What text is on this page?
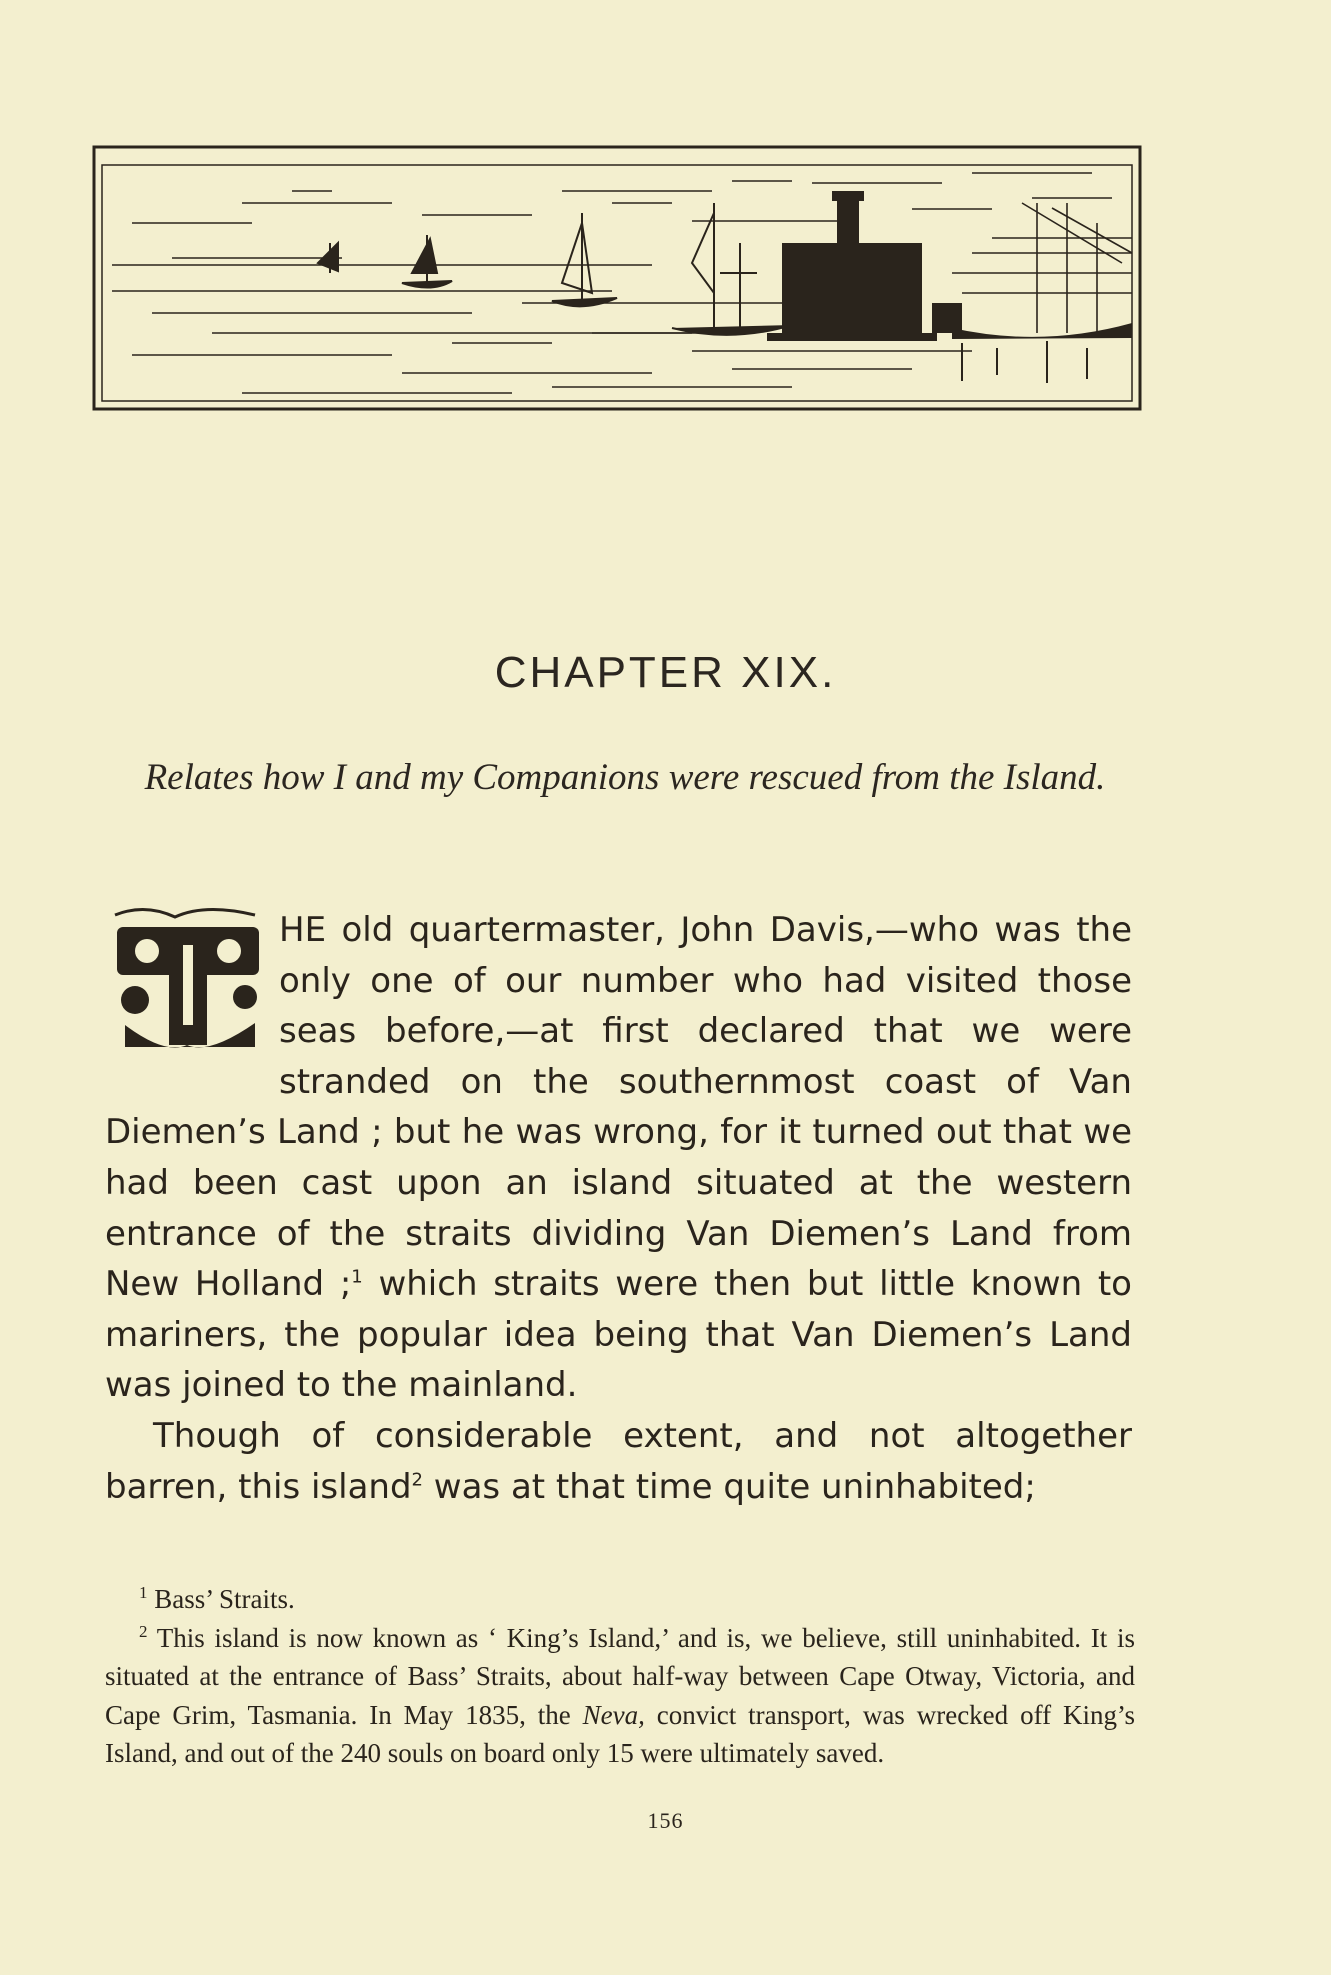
CHAPTER XIX.
Relates how I and my Companions were rescued from the Island.

HE old quartermaster, John Davis,—who was the only one of our number who had visited those seas before,—at first declared that we were stranded on the southernmost coast of Van Diemen’s Land ; but he was wrong, for it turned out that we had been cast upon an island situated at the western entrance of the straits dividing Van Diemen’s Land from New Holland ;$^1$ which straits were then but little known to mariners, the popular idea being that Van Diemen’s Land was joined to the mainland.

Though of considerable extent, and not altogether barren, this island$^2$ was at that time quite uninhabited;

$^1$ Bass’ Straits.

$^2$ This island is now known as ‘ King’s Island,’ and is, we believe, still uninhabited. It is situated at the entrance of Bass’ Straits, about half-way between Cape Otway, Victoria, and Cape Grim, Tasmania. In May 1835, the Neva, convict transport, was wrecked off King’s Island, and out of the 240 souls on board only 15 were ultimately saved.

156
